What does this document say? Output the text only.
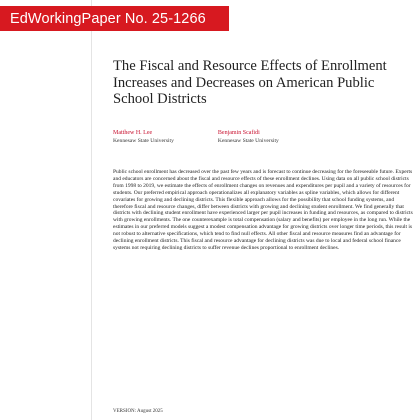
EdWorkingPaper No. 25-1266
The Fiscal and Resource Effects of Enrollment Increases and Decreases on American Public School Districts
Matthew H. Lee
Kennesaw State University
Benjamin Scafidi
Kennesaw State University

Public school enrollment has decreased over the past few years and is forecast to continue decreasing for the foreseeable future. Experts and educators are concerned about the fiscal and resource effects of these enrollment declines. Using data on all public school districts from 1998 to 2019, we estimate the effects of enrollment changes on revenues and expenditures per pupil and a variety of resources for students. Our preferred empirical approach operationalizes all explanatory variables as spline variables, which allows for different covariates for growing and declining districts. This flexible approach allows for the possibility that school funding systems, and therefore fiscal and resource changes, differ between districts with growing and declining student enrollment. We find generally that districts with declining student enrollment have experienced larger per pupil increases in funding and resources, as compared to districts with growing enrollments. The one counterexample is total compensation (salary and benefits) per employee in the long run. While the estimates in our preferred models suggest a modest compensation advantage for growing districts over longer time periods, this result is not robust to alternative specifications, which tend to find null effects. All other fiscal and resource measures find an advantage for declining enrollment districts. This fiscal and resource advantage for declining districts was due to local and federal school finance systems not requiring declining districts to suffer revenue declines proportional to enrollment declines.

VERSION: August 2025
